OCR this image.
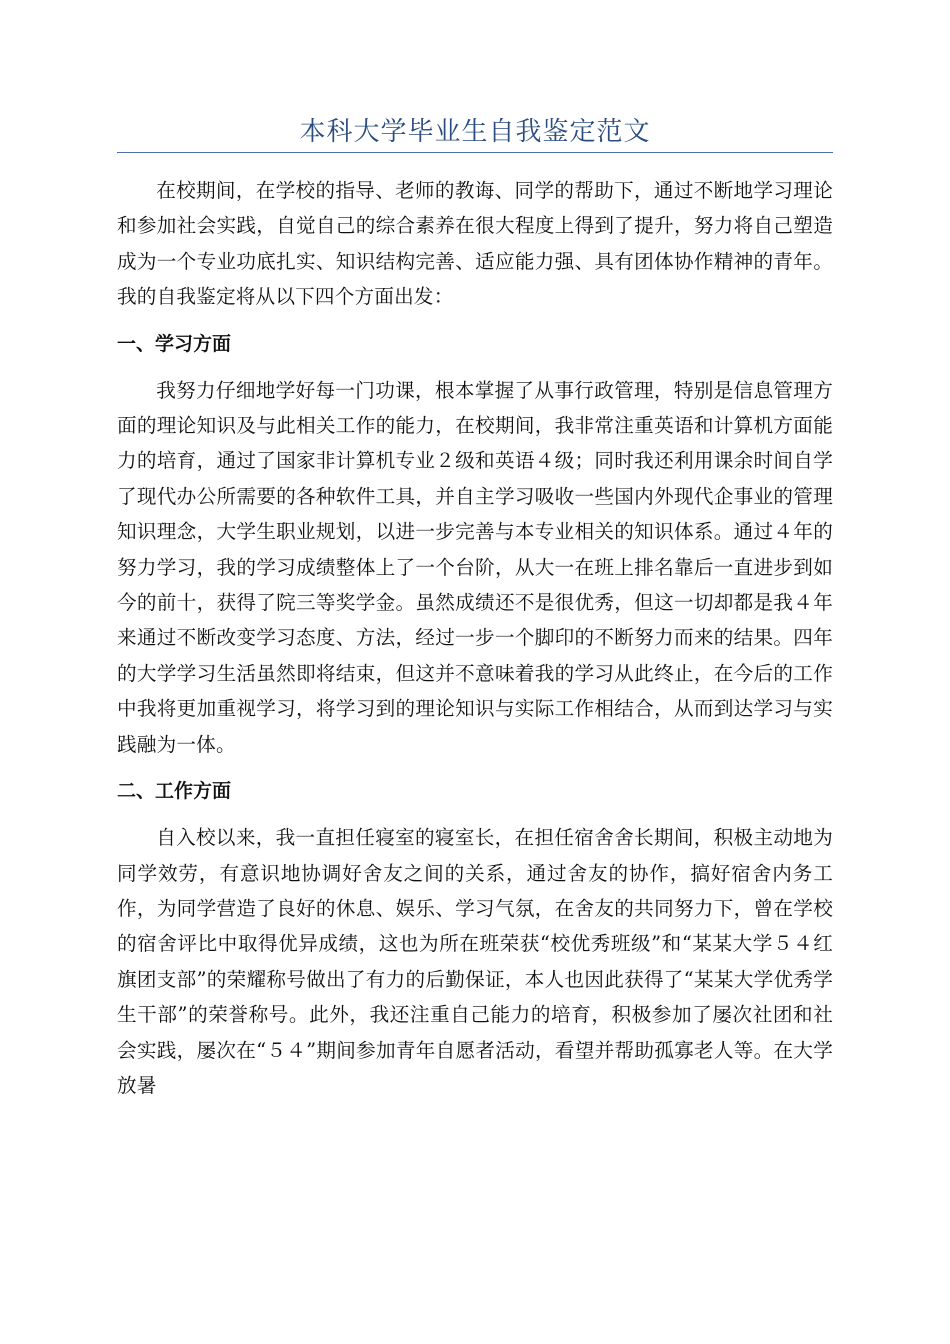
本科大学毕业生自我鉴定范文

在校期间，在学校的指导、老师的教诲、同学的帮助下，通过不断地学习理论和参加社会实践，自觉自己的综合素养在很大程度上得到了提升，努力将自己塑造成为一个专业功底扎实、知识结构完善、适应能力强、具有团体协作精神的青年。我的自我鉴定将从以下四个方面出发：

一、学习方面

我努力仔细地学好每一门功课，根本掌握了从事行政管理，特别是信息管理方面的理论知识及与此相关工作的能力，在校期间，我非常注重英语和计算机方面能力的培育，通过了国家非计算机专业２级和英语４级；同时我还利用课余时间自学了现代办公所需要的各种软件工具，并自主学习吸收一些国内外现代企事业的管理知识理念，大学生职业规划，以进一步完善与本专业相关的知识体系。通过４年的努力学习，我的学习成绩整体上了一个台阶，从大一在班上排名靠后一直进步到如今的前十，获得了院三等奖学金。虽然成绩还不是很优秀，但这一切却都是我４年来通过不断改变学习态度、方法，经过一步一个脚印的不断努力而来的结果。四年的大学学习生活虽然即将结束，但这并不意味着我的学习从此终止，在今后的工作中我将更加重视学习，将学习到的理论知识与实际工作相结合，从而到达学习与实践融为一体。

二、工作方面

自入校以来，我一直担任寝室的寝室长，在担任宿舍舍长期间，积极主动地为同学效劳，有意识地协调好舍友之间的关系，通过舍友的协作，搞好宿舍内务工作，为同学营造了良好的休息、娱乐、学习气氛，在舍友的共同努力下，曾在学校的宿舍评比中取得优异成绩，这也为所在班荣获“校优秀班级”和“某某大学５４红旗团支部”的荣耀称号做出了有力的后勤保证，本人也因此获得了“某某大学优秀学生干部”的荣誉称号。此外，我还注重自己能力的培育，积极参加了屡次社团和社会实践，屡次在“５４”期间参加青年自愿者活动，看望并帮助孤寡老人等。在大学放暑
